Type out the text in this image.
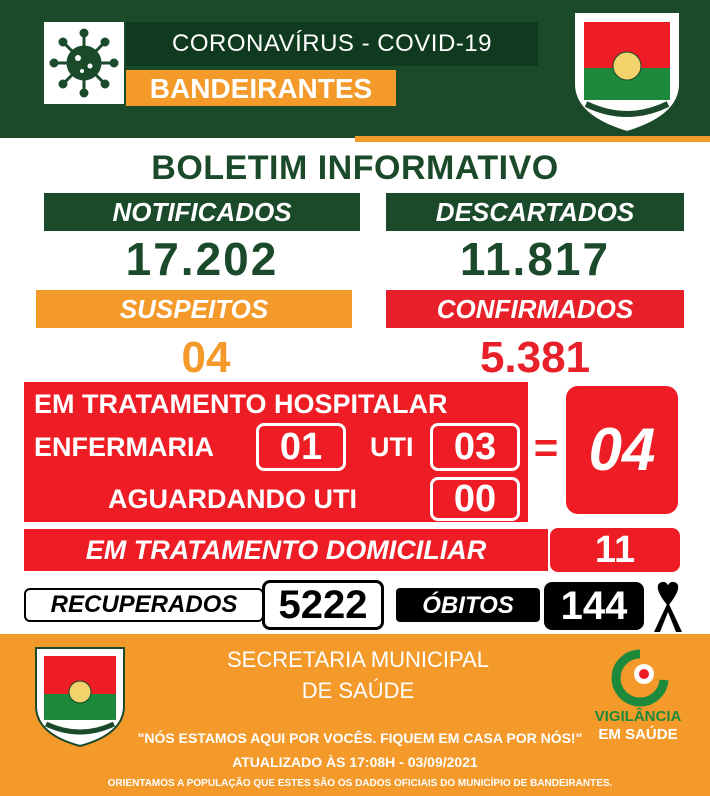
CORONAVÍRUS - COVID-19
BANDEIRANTES
BOLETIM INFORMATIVO
NOTIFICADOS	DESCARTADOS
17.202	11.817
SUSPEITOS	CONFIRMADOS
04	5.381
EM TRATAMENTO HOSPITALAR
ENFERMARIA	01	UTI	03
AGUARDANDO UTI	00
= 04
EM TRATAMENTO DOMICILIAR	11
RECUPERADOS	5222	ÓBITOS	144
SECRETARIA MUNICIPAL
DE SAÚDE
"NÓS ESTAMOS AQUI POR VOCÊS. FIQUEM EM CASA POR NÓS!"
ATUALIZADO ÀS 17:08H - 03/09/2021
ORIENTAMOS A POPULAÇÃO QUE ESTES SÃO OS DADOS OFICIAIS DO MUNICÍPIO DE BANDEIRANTES.
VIGILÂNCIA
EM SAÚDE
